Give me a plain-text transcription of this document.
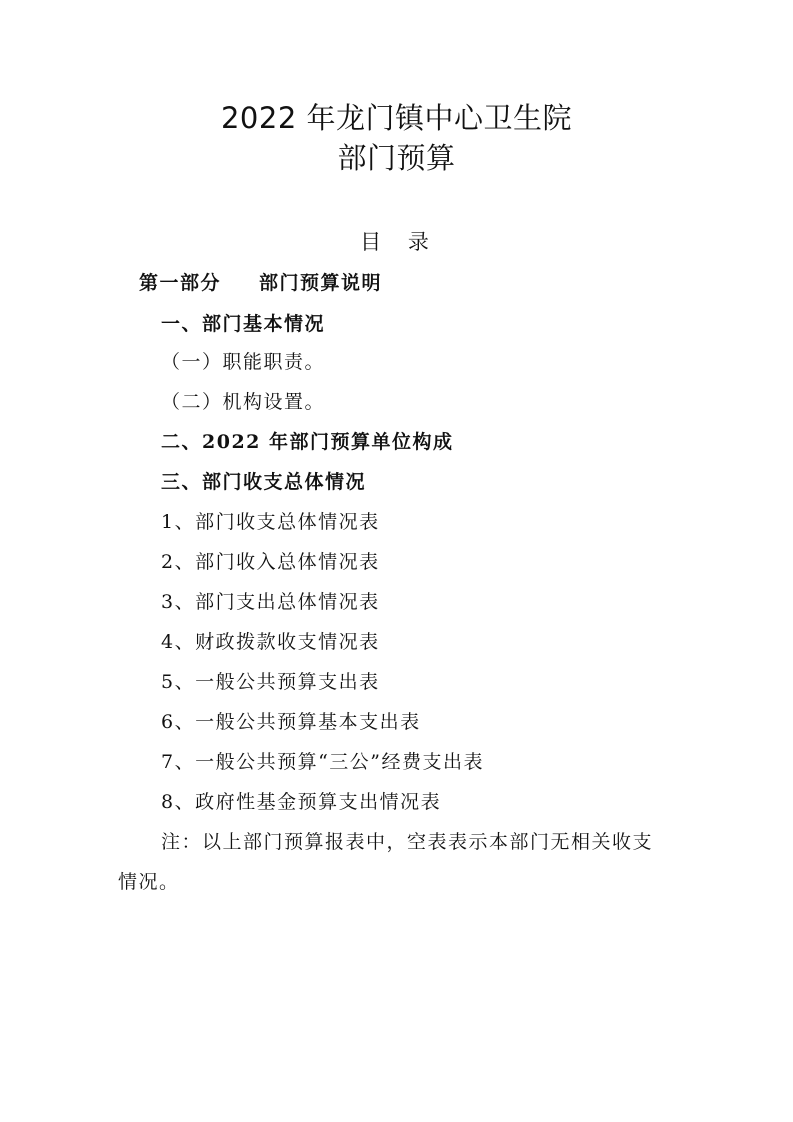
2022 年龙门镇中心卫生院
部门预算
目 录
第一部分 部门预算说明
一、部门基本情况
（一）职能职责。
（二）机构设置。
二、2022 年部门预算单位构成
三、部门收支总体情况
1、部门收支总体情况表
2、部门收入总体情况表
3、部门支出总体情况表
4、财政拨款收支情况表
5、一般公共预算支出表
6、一般公共预算基本支出表
7、一般公共预算“三公”经费支出表
8、政府性基金预算支出情况表
注：以上部门预算报表中，空表表示本部门无相关收支
情况。
